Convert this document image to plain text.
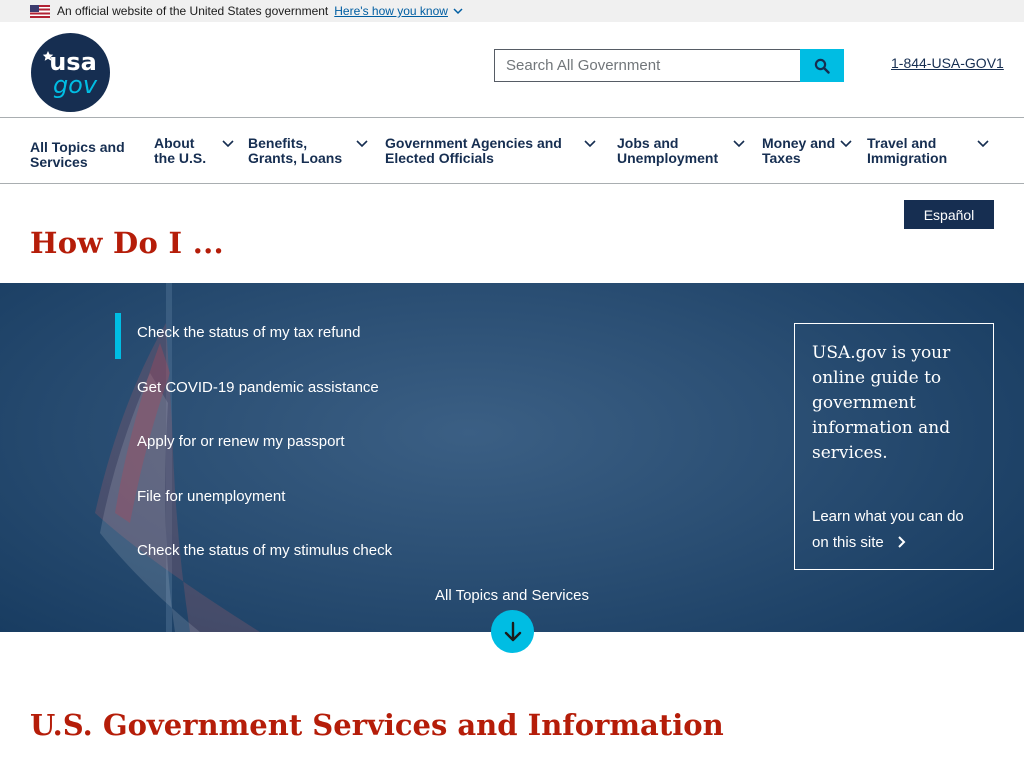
An official website of the United States government Here's how you know
usa
gov
Search All Government
1-844-USA-GOV1
All Topics and Services
About the U.S.
Benefits, Grants, Loans
Government Agencies and Elected Officials
Jobs and Unemployment
Money and Taxes
Travel and Immigration
Español
How Do I ...
Check the status of my tax refund
Get COVID-19 pandemic assistance
Apply for or renew my passport
File for unemployment
Check the status of my stimulus check

USA.gov is your online guide to government information and services.

Learn what you can do on this site
All Topics and Services
U.S. Government Services and Information
